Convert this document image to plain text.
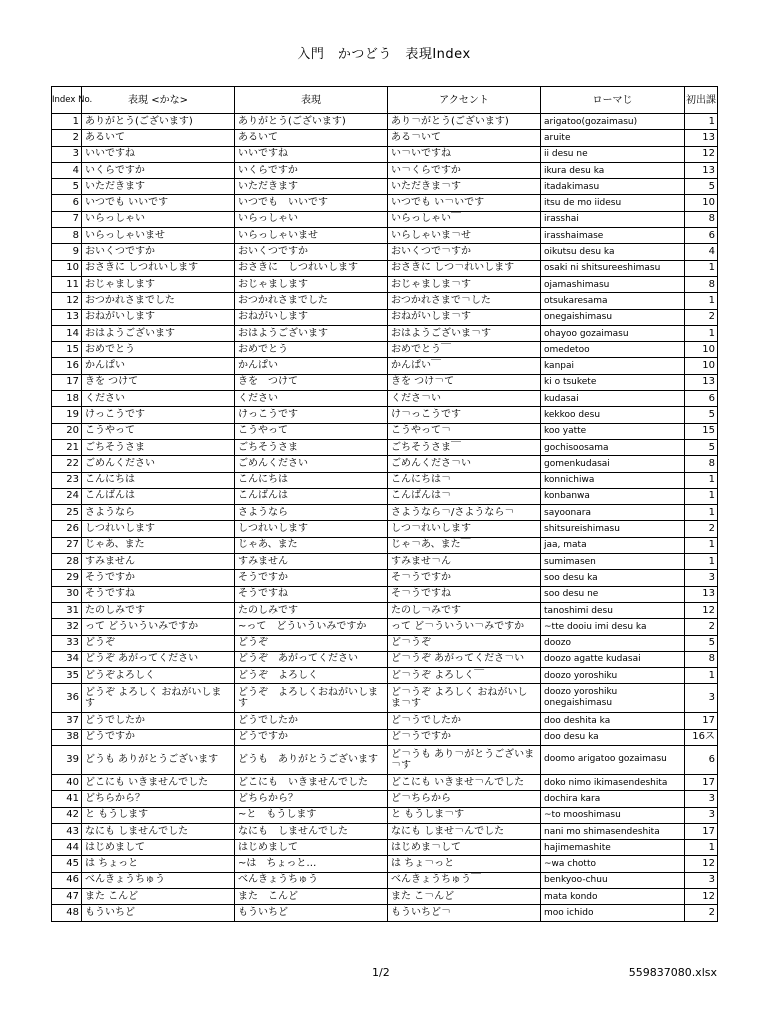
入門　かつどう　表現Index
Index No.	表現 <かな>	表現	アクセント	ローマじ	初出課
1	ありがとう(ございます)	ありがとう(ございます)	あり￢がとう(ございます)	arigatoo(gozaimasu)	1
2	あるいて	あるいて	ある￢いて	aruite	13
3	いいですね	いいですね	い￢いですね	ii desu ne	12
4	いくらですか	いくらですか	い￢くらですか	ikura desu ka	13
5	いただきます	いただきます	いただきま￢す	itadakimasu	5
6	いつでも いいです	いつでも　いいです	いつでも い￢いです	itsu de mo iidesu	10
7	いらっしゃい	いらっしゃい	いらっしゃい￣	irasshai	8
8	いらっしゃいませ	いらっしゃいませ	いらしゃいま￢せ	irasshaimase	6
9	おいくつですか	おいくつですか	おいくつで￢すか	oikutsu desu ka	4
10	おさきに しつれいします	おさきに　しつれいします	おさきに しつ￢れいします	osaki ni shitsureeshimasu	1
11	おじゃまします	おじゃまします	おじゃましま￢す	ojamashimasu	8
12	おつかれさまでした	おつかれさまでした	おつかれさまで￢した	otsukaresama	1
13	おねがいします	おねがいします	おねがいしま￢す	onegaishimasu	2
14	おはようございます	おはようございます	おはようございま￢す	ohayoo gozaimasu	1
15	おめでとう	おめでとう	おめでとう￣	omedetoo	10
16	かんぱい	かんぱい	かんぱい￣	kanpai	10
17	きを つけて	きを　つけて	きを つけ￢て	ki o tsukete	13
18	ください	ください	くださ￢い	kudasai	6
19	けっこうです	けっこうです	け￢っこうです	kekkoo desu	5
20	こうやって	こうやって	こうやって￢	koo yatte	15
21	ごちそうさま	ごちそうさま	ごちそうさま￣	gochisoosama	5
22	ごめんください	ごめんください	ごめんくださ￢い	gomenkudasai	8
23	こんにちは	こんにちは	こんにちは￢	konnichiwa	1
24	こんばんは	こんばんは	こんばんは￢	konbanwa	1
25	さようなら	さようなら	さようなら￢/さようなら￢	sayoonara	1
26	しつれいします	しつれいします	しつ￢れいします	shitsureishimasu	2
27	じゃあ、また	じゃあ、また	じゃ￢あ、また￣	jaa, mata	1
28	すみません	すみません	すみませ￢ん	sumimasen	1
29	そうですか	そうですか	そ￢うですか	soo desu ka	3
30	そうですね	そうですね	そ￢うですね	soo desu ne	13
31	たのしみです	たのしみです	たのし￢みです	tanoshimi desu	12
32	って どういういみですか	~って　どういういみですか	って ど￢ういうい￢みですか	~tte dooiu imi desu ka	2
33	どうぞ	どうぞ	ど￢うぞ	doozo	5
34	どうぞ あがってください	どうぞ　あがってください	ど￢うぞ あがってくださ￢い	doozo agatte kudasai	8
35	どうぞよろしく	どうぞ　よろしく	ど￢うぞ よろしく￣	doozo yoroshiku	1
36	どうぞ よろしく おねがいします	どうぞ　よろしくおねがいします	ど￢うぞ よろしく おねがいしま￢す	doozo yoroshiku onegaishimasu	3
37	どうでしたか	どうでしたか	ど￢うでしたか	doo deshita ka	17
38	どうですか	どうですか	ど￢うですか	doo desu ka	16ス
39	どうも ありがとうございます	どうも　ありがとうございます	ど￢うも あり￢がとうございま￢す	doomo arigatoo gozaimasu	6
40	どこにも いきませんでした	どこにも　いきませんでした	どこにも いきませ￢んでした	doko nimo ikimasendeshita	17
41	どちらから？	どちらから？	ど￢ちらから	dochira kara	3
42	と もうします	~と　もうします	と もうしま￢す	~to mooshimasu	3
43	なにも しませんでした	なにも　しませんでした	なにも しませ￢んでした	nani mo shimasendeshita	17
44	はじめまして	はじめまして	はじめま￢して	hajimemashite	1
45	は ちょっと	~は　ちょっと…	は ちょ￢っと	~wa chotto	12
46	べんきょうちゅう	べんきょうちゅう	べんきょうちゅう￣	benkyoo-chuu	3
47	また こんど	また　こんど	また こ￢んど	mata kondo	12
48	もういちど	もういちど	もういちど￢	moo ichido	2
1/2	559837080.xlsx
